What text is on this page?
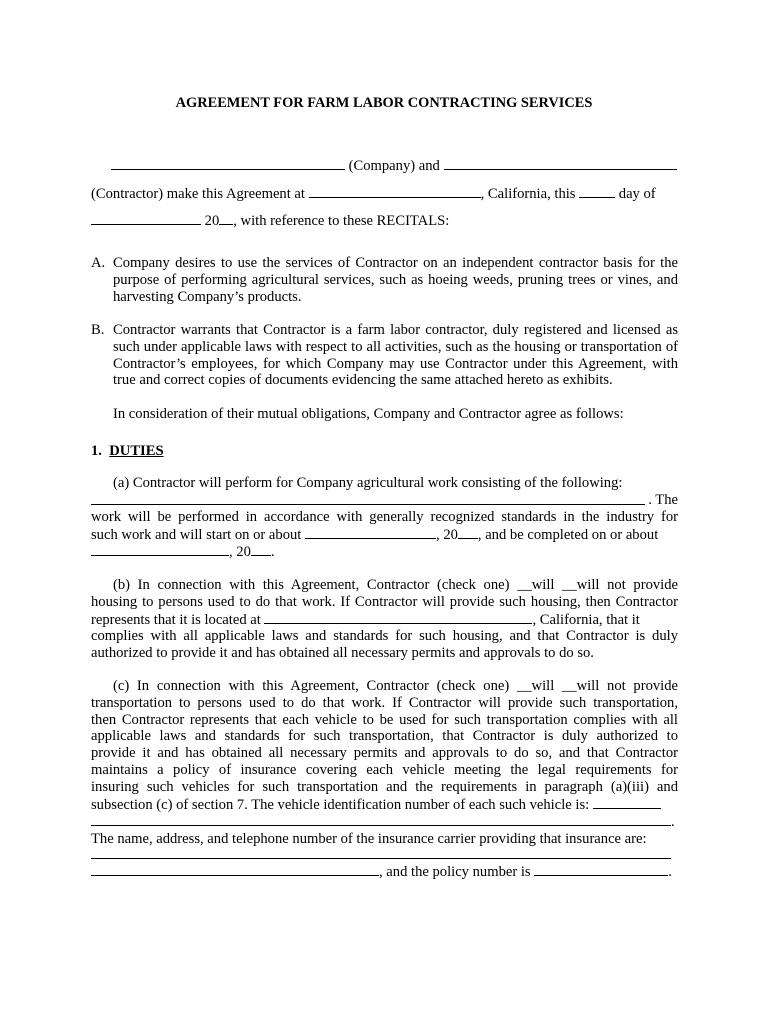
AGREEMENT FOR FARM LABOR CONTRACTING SERVICES
(Company) and
(Contractor) make this Agreement at	, California, this  day of
20 , with reference to these RECITALS:
A. Company desires to use the services of Contractor on an independent contractor basis for the purpose of performing agricultural services, such as hoeing weeds, pruning trees or vines, and harvesting Company’s products.
B. Contractor warrants that Contractor is a farm labor contractor, duly registered and licensed as such under applicable laws with respect to all activities, such as the housing or transportation of Contractor’s employees, for which Company may use Contractor under this Agreement, with true and correct copies of documents evidencing the same attached hereto as exhibits.
In consideration of their mutual obligations, Company and Contractor agree as follows:
1. DUTIES
(a) Contractor will perform for Company agricultural work consisting of the following:
. The
work will be performed in accordance with generally recognized standards in the industry for
such work and will start on or about	, 20 , and be completed on or about
, 20 .

(b) In connection with this Agreement, Contractor (check one) __will __will not provide

housing to persons used to do that work. If Contractor will provide such housing, then Contractor

represents that it is located at	, California, that it

complies with all applicable laws and standards for such housing, and that Contractor is duly

authorized to provide it and has obtained all necessary permits and approvals to do so.

(c) In connection with this Agreement, Contractor (check one) __will __will not provide

transportation to persons used to do that work. If Contractor will provide such transportation,

then Contractor represents that each vehicle to be used for such transportation complies with all

applicable laws and standards for such transportation, that Contractor is duly authorized to

provide it and has obtained all necessary permits and approvals to do so, and that Contractor

maintains a policy of insurance covering each vehicle meeting the legal requirements for

insuring such vehicles for such transportation and the requirements in paragraph (a)(iii) and

subsection (c) of section 7. The vehicle identification number of each such vehicle is:

.

The name, address, and telephone number of the insurance carrier providing that insurance are:

, and the policy number is	.
